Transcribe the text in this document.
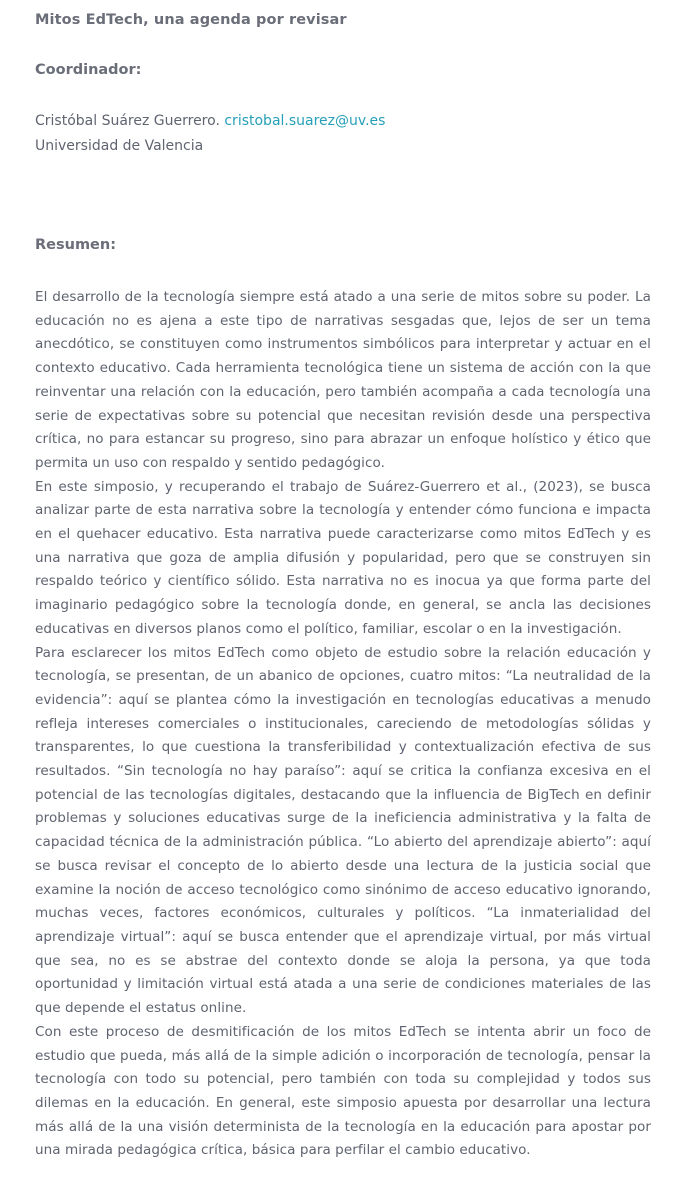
Mitos EdTech, una agenda por revisar
Coordinador:
Cristóbal Suárez Guerrero. cristobal.suarez@uv.es
Universidad de Valencia
Resumen:

El desarrollo de la tecnología siempre está atado a una serie de mitos sobre su poder. La educación no es ajena a este tipo de narrativas sesgadas que, lejos de ser un tema anecdótico, se constituyen como instrumentos simbólicos para interpretar y actuar en el contexto educativo. Cada herramienta tecnológica tiene un sistema de acción con la que reinventar una relación con la educación, pero también acompaña a cada tecnología una serie de expectativas sobre su potencial que necesitan revisión desde una perspectiva crítica, no para estancar su progreso, sino para abrazar un enfoque holístico y ético que permita un uso con respaldo y sentido pedagógico.

En este simposio, y recuperando el trabajo de Suárez-Guerrero et al., (2023), se busca analizar parte de esta narrativa sobre la tecnología y entender cómo funciona e impacta en el quehacer educativo. Esta narrativa puede caracterizarse como mitos EdTech y es una narrativa que goza de amplia difusión y popularidad, pero que se construyen sin respaldo teórico y científico sólido. Esta narrativa no es inocua ya que forma parte del imaginario pedagógico sobre la tecnología donde, en general, se ancla las decisiones educativas en diversos planos como el político, familiar, escolar o en la investigación.

Para esclarecer los mitos EdTech como objeto de estudio sobre la relación educación y tecnología, se presentan, de un abanico de opciones, cuatro mitos: “La neutralidad de la evidencia”: aquí se plantea cómo la investigación en tecnologías educativas a menudo refleja intereses comerciales o institucionales, careciendo de metodologías sólidas y transparentes, lo que cuestiona la transferibilidad y contextualización efectiva de sus resultados. “Sin tecnología no hay paraíso”: aquí se critica la confianza excesiva en el potencial de las tecnologías digitales, destacando que la influencia de BigTech en definir problemas y soluciones educativas surge de la ineficiencia administrativa y la falta de capacidad técnica de la administración pública. “Lo abierto del aprendizaje abierto”: aquí se busca revisar el concepto de lo abierto desde una lectura de la justicia social que examine la noción de acceso tecnológico como sinónimo de acceso educativo ignorando, muchas veces, factores económicos, culturales y políticos. “La inmaterialidad del aprendizaje virtual”: aquí se busca entender que el aprendizaje virtual, por más virtual que sea, no es se abstrae del contexto donde se aloja la persona, ya que toda oportunidad y limitación virtual está atada a una serie de condiciones materiales de las que depende el estatus online.

Con este proceso de desmitificación de los mitos EdTech se intenta abrir un foco de estudio que pueda, más allá de la simple adición o incorporación de tecnología, pensar la tecnología con todo su potencial, pero también con toda su complejidad y todos sus dilemas en la educación. En general, este simposio apuesta por desarrollar una lectura más allá de la una visión determinista de la tecnología en la educación para apostar por una mirada pedagógica crítica, básica para perfilar el cambio educativo.
